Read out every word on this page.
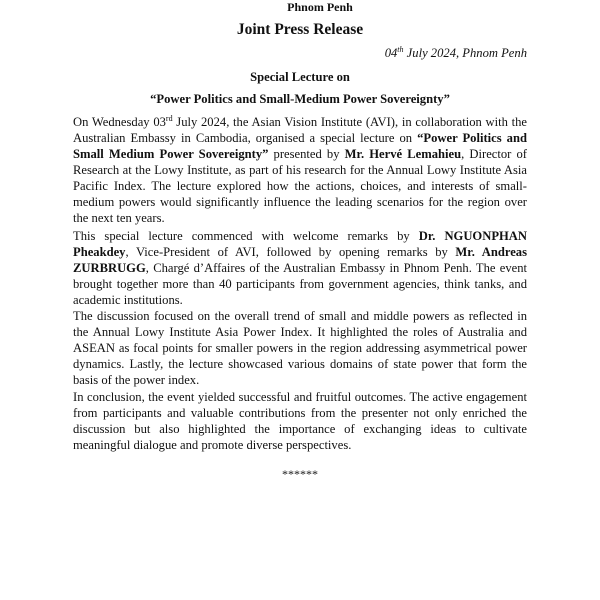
Phnom Penh
Joint Press Release
04th July 2024, Phnom Penh
Special Lecture on
“Power Politics and Small-Medium Power Sovereignty”

On Wednesday 03rd July 2024, the Asian Vision Institute (AVI), in collaboration with the Australian Embassy in Cambodia, organised a special lecture on “Power Politics and Small Medium Power Sovereignty” presented by Mr. Hervé Lemahieu, Director of Research at the Lowy Institute, as part of his research for the Annual Lowy Institute Asia Pacific Index. The lecture explored how the actions, choices, and interests of small-medium powers would significantly influence the leading scenarios for the region over the next ten years.

This special lecture commenced with welcome remarks by Dr. NGUONPHAN Pheakdey, Vice-President of AVI, followed by opening remarks by Mr. Andreas ZURBRUGG, Chargé d’Affaires of the Australian Embassy in Phnom Penh. The event brought together more than 40 participants from government agencies, think tanks, and academic institutions.

The discussion focused on the overall trend of small and middle powers as reflected in the Annual Lowy Institute Asia Power Index. It highlighted the roles of Australia and ASEAN as focal points for smaller powers in the region addressing asymmetrical power dynamics. Lastly, the lecture showcased various domains of state power that form the basis of the power index.

In conclusion, the event yielded successful and fruitful outcomes. The active engagement from participants and valuable contributions from the presenter not only enriched the discussion but also highlighted the importance of exchanging ideas to cultivate meaningful dialogue and promote diverse perspectives.

******
